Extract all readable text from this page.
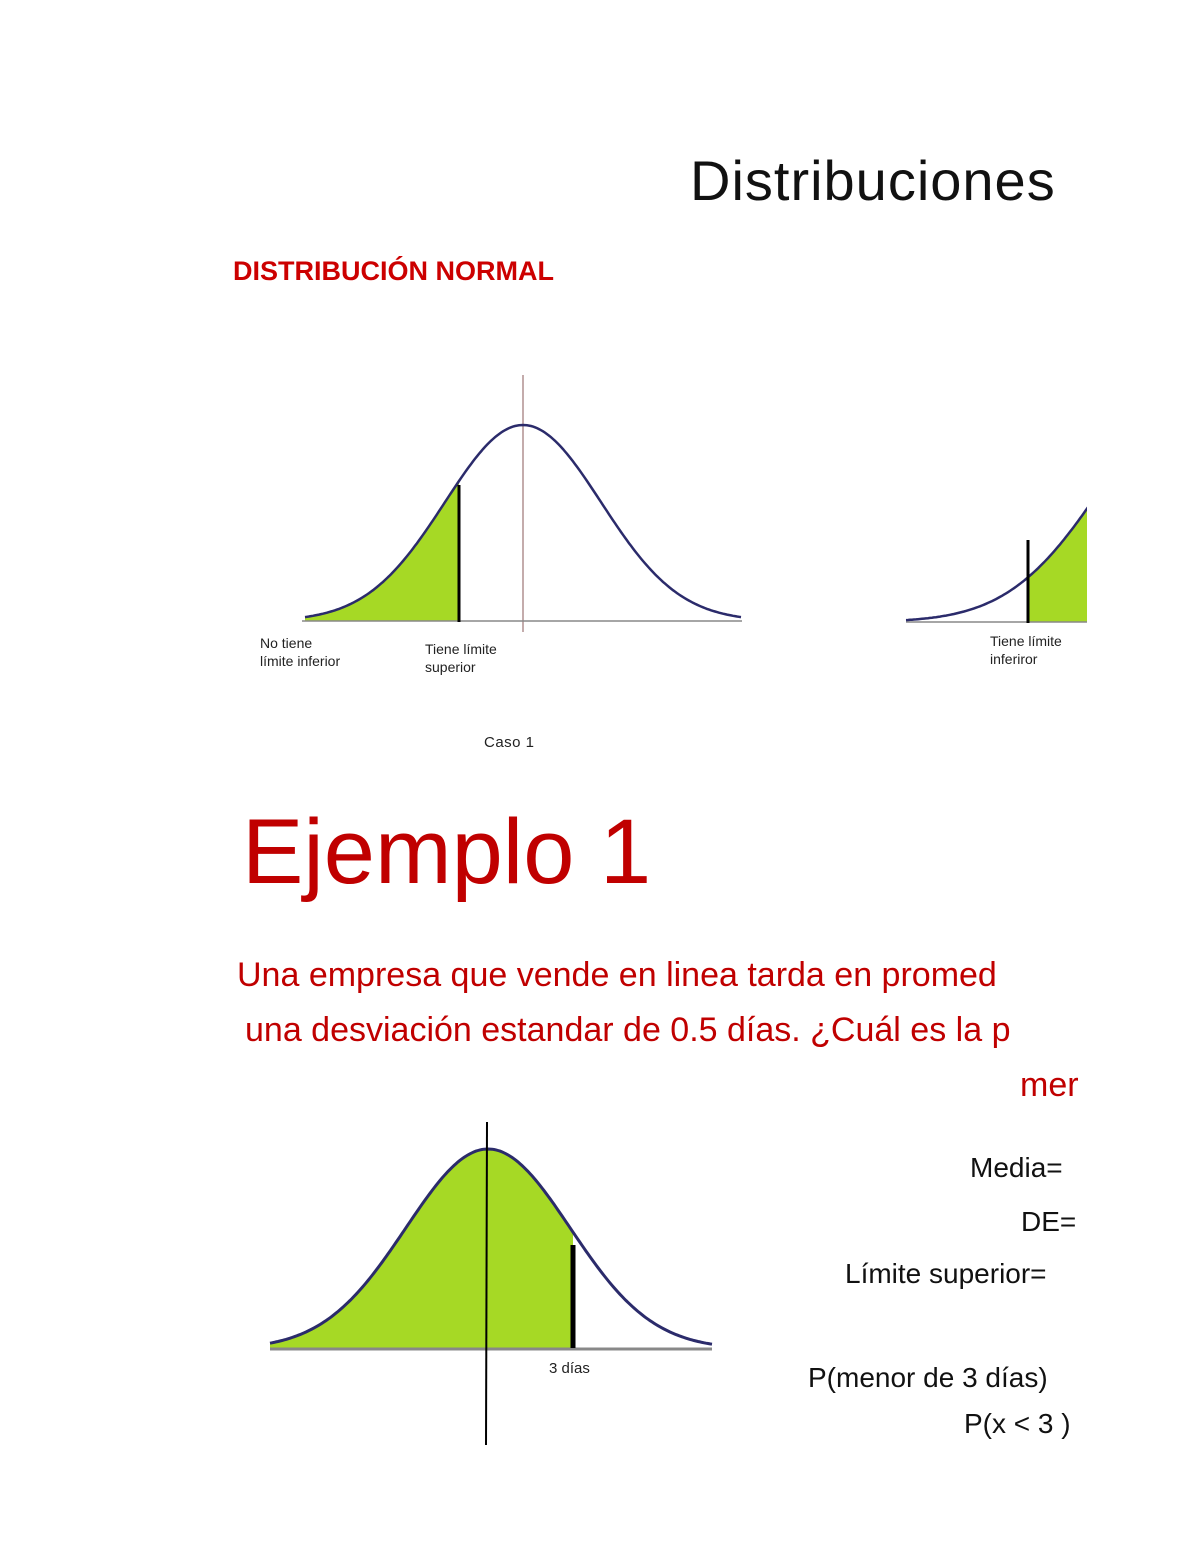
Distribuciones
DISTRIBUCIÓN NORMAL
No tiene
límite inferior
Tiene límite
superior
Tiene límite
inferiror
Caso 1
Ejemplo 1
Una empresa que vende en linea tarda en promed
una desviación estandar de 0.5 días. ¿Cuál es la p
mer
3 días
Media=
DE=
Límite superior=
P(menor de 3 días)
P(x < 3 )
